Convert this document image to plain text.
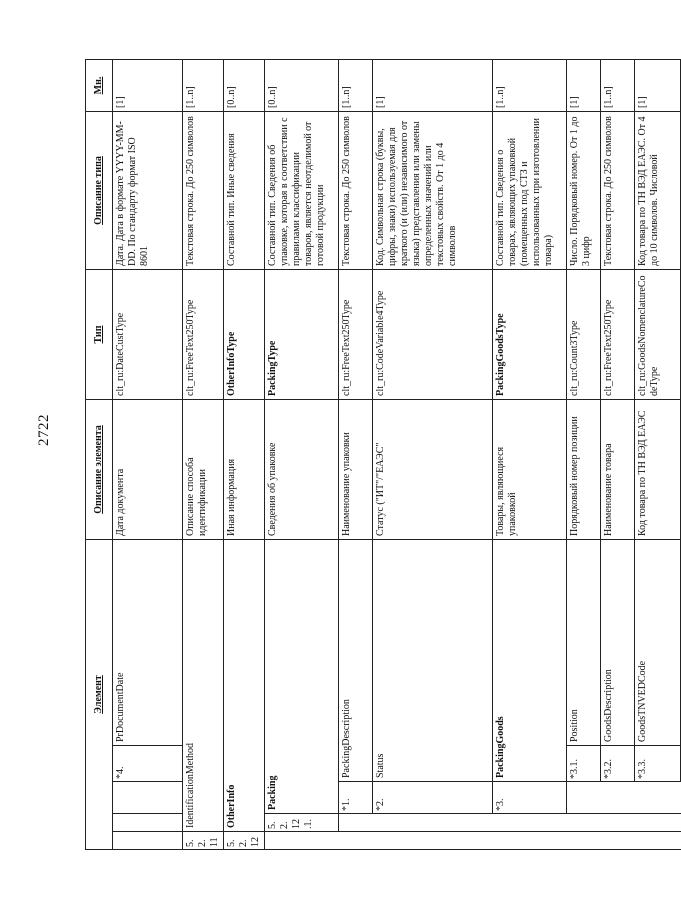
2722
Элемент					Описание элемента	Тип	Описание типа	Мн.
			*4.	PrDocumentDate	Дата документа	clt_ru:DateCustType	Дата. Дата в формате YYYY-MM-DD. По стандарту формат ISO 8601	[1]
5.2.11	IdentificationMethod				Описание способа идентификации	clt_ru:FreeText250Type	Текстовая строка. До 250 символов	[1..n]
5.2.12	OtherInfo				Иная информация	OtherInfoType	Составной тип. Иные сведения	[0..n]
	5.2.12.1.	Packing			Сведения об упаковке	PackingType	Составной тип. Сведения об упаковке, которая в соответствии с правилами классификации товаров, является неотделимой от готовой продукции	[0..n]
		*1.	PackingDescription		Наименование упаковки	clt_ru:FreeText250Type	Текстовая строка. До 250 символов	[1..n]
		*2.	Status		Статус ("ИТ"/"ЕАЭС"	clt_ru:CodeVariable4Type	Код. Символьная строка (буквы, цифры, знаки) используемая для краткого (и (или) независимого от языка) представления или замены определенных значений или текстовых свойств. От 1 до 4 символов	[1]
		*3.	PackingGoods		Товары, являющиеся упаковкой	PackingGoodsType	Составной тип. Сведения о товарах, являющих упаковкой (помещенных под СТЗ и использованных при изготовлении товара)	[1..n]
			*3.1.	Position	Порядковый номер позиции	clt_ru:Count3Type	Число. Порядковый номер. От 1 до 3 цифр	[1]
			*3.2.	GoodsDescription	Наименование товара	clt_ru:FreeText250Type	Текстовая строка. До 250 символов	[1..n]
			*3.3.	GoodsTNVEDCode	Код товара по ТН ВЭД ЕАЭС	clt_ru:GoodsNomenclatureCodeType	Код товара по ТН ВЭД ЕАЭС. От 4 до 10 символов. Числовой	[1]
